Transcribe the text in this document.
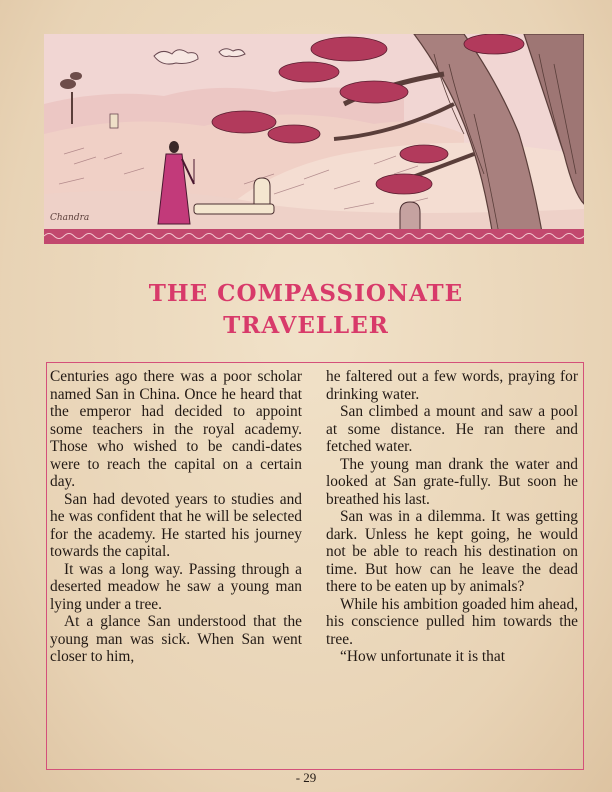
Chandra
THE COMPASSIONATE
TRAVELLER

Centuries ago there was a poor scholar named San in China. Once he heard that the emperor had decided to appoint some teachers in the royal academy. Those who wished to be candi-dates were to reach the capital on a certain day.

San had devoted years to studies and he was confident that he will be selected for the academy. He started his journey towards the capital.

It was a long way. Passing through a deserted meadow he saw a young man lying under a tree.

At a glance San understood that the young man was sick. When San went closer to him,

he faltered out a few words, praying for drinking water.

San climbed a mount and saw a pool at some distance. He ran there and fetched water.

The young man drank the water and looked at San grate-fully. But soon he breathed his last.

San was in a dilemma. It was getting dark. Unless he kept going, he would not be able to reach his destination on time. But how can he leave the dead there to be eaten up by animals?

While his ambition goaded him ahead, his conscience pulled him towards the tree.

“How unfortunate it is that

- 29
